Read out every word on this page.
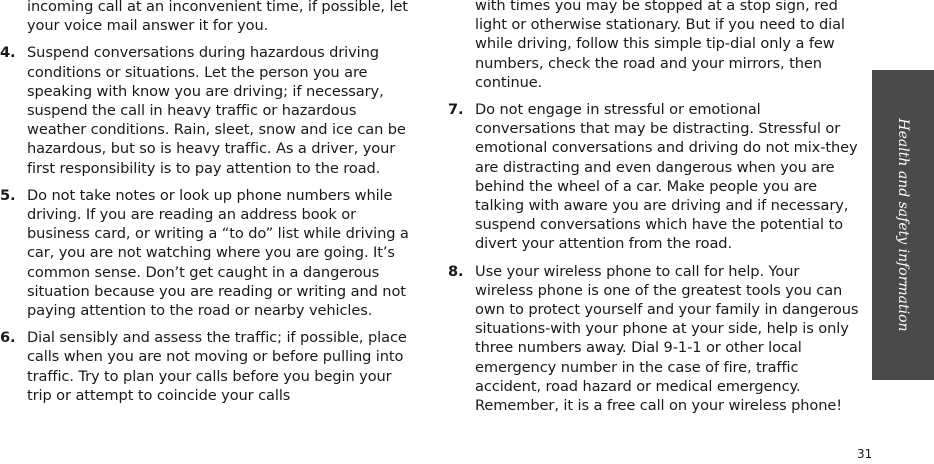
incoming call at an inconvenient time, if possible, let your voice mail answer it for you.

4. Suspend conversations during hazardous driving conditions or situations. Let the person you are speaking with know you are driving; if necessary, suspend the call in heavy traffic or hazardous weather conditions. Rain, sleet, snow and ice can be hazardous, but so is heavy traffic. As a driver, your first responsibility is to pay attention to the road.

5. Do not take notes or look up phone numbers while driving. If you are reading an address book or business card, or writing a “to do” list while driving a car, you are not watching where you are going. It’s common sense. Don’t get caught in a dangerous situation because you are reading or writing and not paying attention to the road or nearby vehicles.

6. Dial sensibly and assess the traffic; if possible, place calls when you are not moving or before pulling into traffic. Try to plan your calls before you begin your trip or attempt to coincide your calls

with times you may be stopped at a stop sign, red light or otherwise stationary. But if you need to dial while driving, follow this simple tip-dial only a few numbers, check the road and your mirrors, then continue.

7. Do not engage in stressful or emotional conversations that may be distracting. Stressful or emotional conversations and driving do not mix-they are distracting and even dangerous when you are behind the wheel of a car. Make people you are talking with aware you are driving and if necessary, suspend conversations which have the potential to divert your attention from the road.

8. Use your wireless phone to call for help. Your wireless phone is one of the greatest tools you can own to protect yourself and your family in dangerous situations-with your phone at your side, help is only three numbers away. Dial 9-1-1 or other local emergency number in the case of fire, traffic accident, road hazard or medical emergency. Remember, it is a free call on your wireless phone!

Health and safety information
31
